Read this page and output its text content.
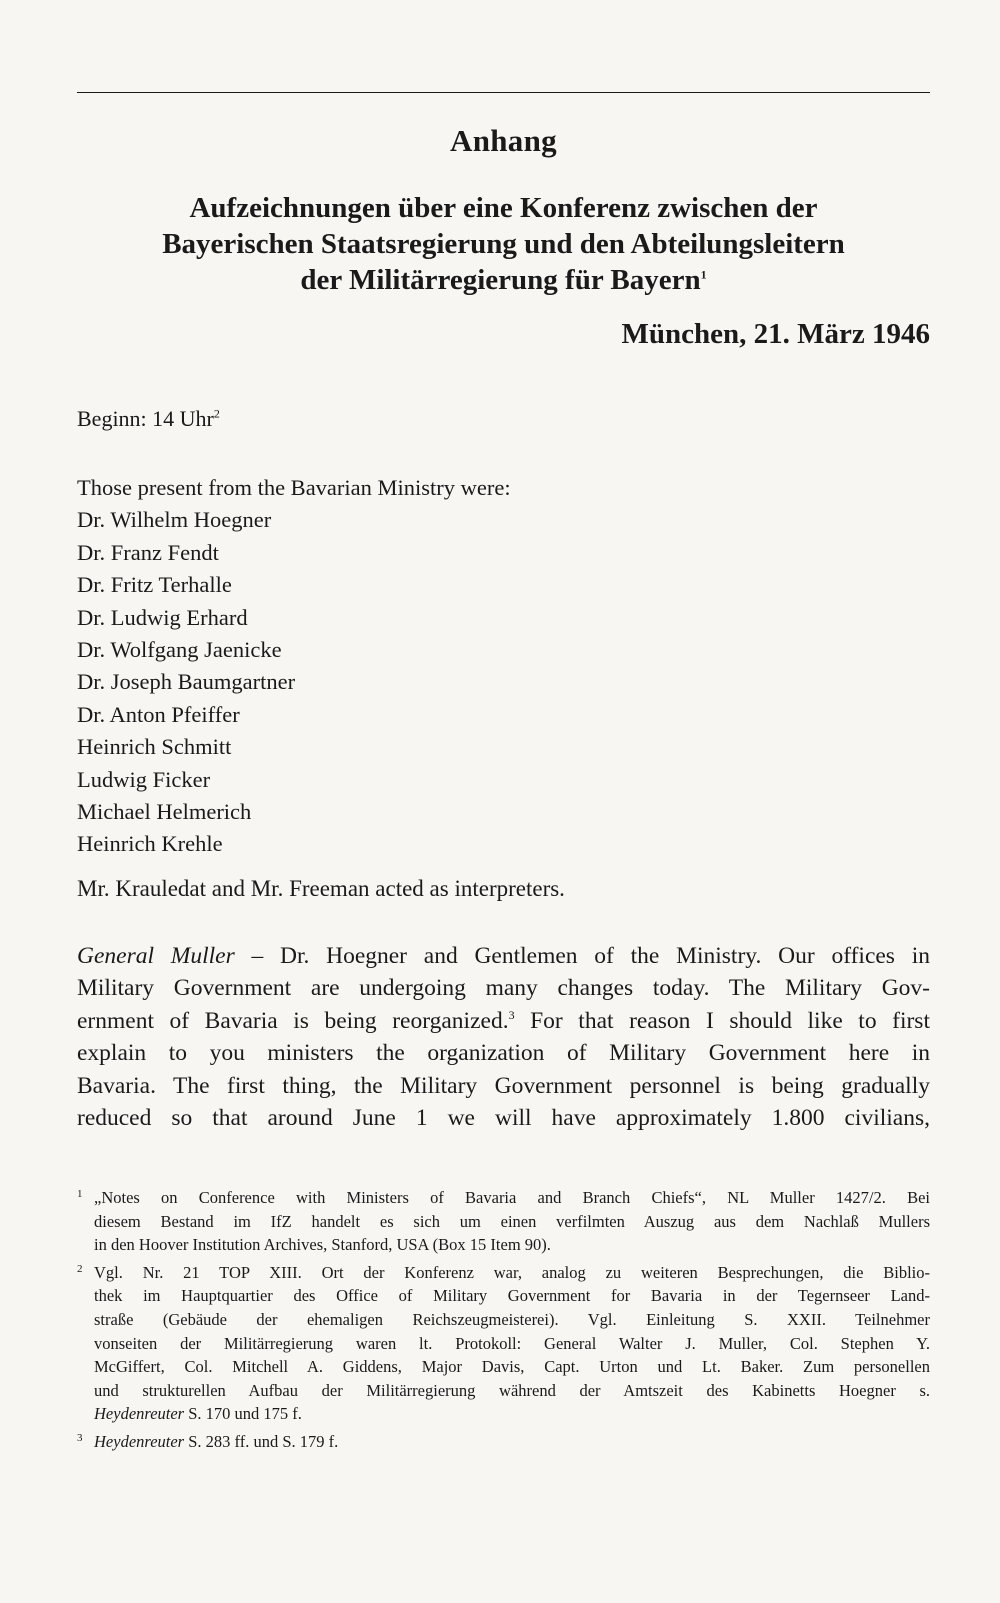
Anhang
Aufzeichnungen über eine Konferenz zwischen der
Bayerischen Staatsregierung und den Abteilungsleitern
der Militärregierung für Bayern$^1$

München, 21. März 1946

Beginn: 14 Uhr$^2$

Those present from the Bavarian Ministry were:
Dr. Wilhelm Hoegner
Dr. Franz Fendt
Dr. Fritz Terhalle
Dr. Ludwig Erhard
Dr. Wolfgang Jaenicke
Dr. Joseph Baumgartner
Dr. Anton Pfeiffer
Heinrich Schmitt
Ludwig Ficker
Michael Helmerich
Heinrich Krehle

Mr. Krauledat and Mr. Freeman acted as interpreters.

General Muller – Dr. Hoegner and Gentlemen of the Ministry. Our offices in
Military Government are undergoing many changes today. The Military Gov-
ernment of Bavaria is being reorganized.$^3$ For that reason I should like to first
explain to you ministers the organization of Military Government here in
Bavaria. The first thing, the Military Government personnel is being gradually
reduced so that around June 1 we will have approximately 1.800 civilians,
1 „Notes on Conference with Ministers of Bavaria and Branch Chiefs“, NL Muller 1427/2. Bei
diesem Bestand im IfZ handelt es sich um einen verfilmten Auszug aus dem Nachlaß Mullers
in den Hoover Institution Archives, Stanford, USA (Box 15 Item 90).
2 Vgl. Nr. 21 TOP XIII. Ort der Konferenz war, analog zu weiteren Besprechungen, die Biblio-
thek im Hauptquartier des Office of Military Government for Bavaria in der Tegernseer Land-
straße (Gebäude der ehemaligen Reichszeugmeisterei). Vgl. Einleitung S. XXII. Teilnehmer
vonseiten der Militärregierung waren lt. Protokoll: General Walter J. Muller, Col. Stephen Y.
McGiffert, Col. Mitchell A. Giddens, Major Davis, Capt. Urton und Lt. Baker. Zum personellen
und strukturellen Aufbau der Militärregierung während der Amtszeit des Kabinetts Hoegner s.
Heydenreuter S. 170 und 175 f.
3 Heydenreuter S. 283 ff. und S. 179 f.
